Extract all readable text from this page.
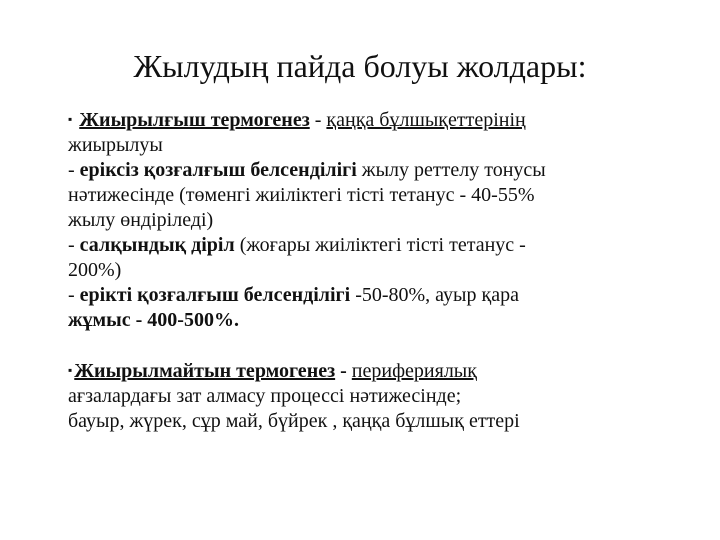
Жылудың пайда болуы жолдары:
▪ Жиырылғыш термогенез - қаңқа бұлшықеттерінің
жиырылуы
- еріксіз қозғалғыш белсенділігі жылу реттелу тонусы
нәтижесінде (төменгі жиіліктегі тісті тетанус - 40-55%
жылу өндіріледі)
- салқындық діріл (жоғары жиіліктегі тісті тетанус -
200%)
- ерікті қозғалғыш белсенділігі -50-80%, ауыр қара
жұмыс - 400-500%.
▪ Жиырылмайтын термогенез - перифериялық
ағзалардағы зат алмасу процессі нәтижесінде;
бауыр, жүрек, сұр май, бүйрек , қаңқа бұлшық еттері
